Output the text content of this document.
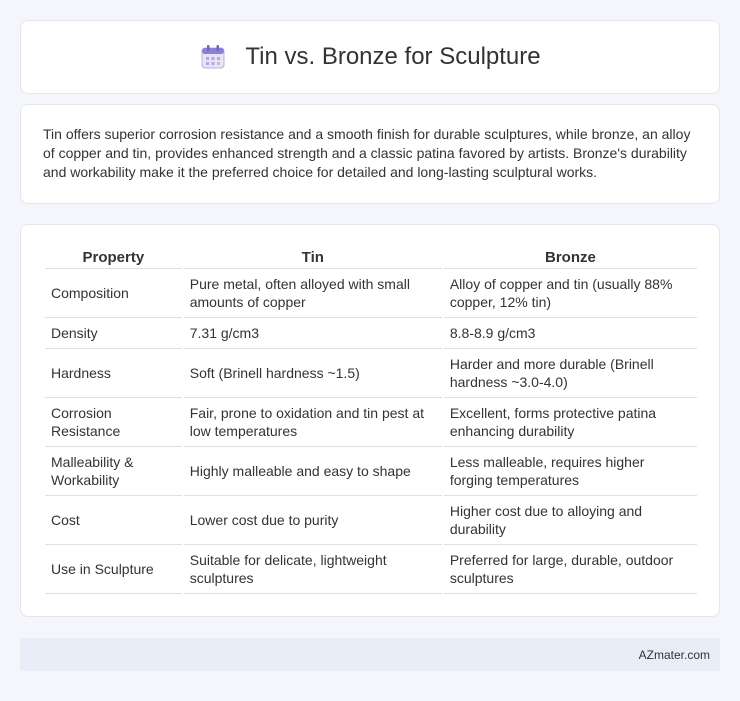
Tin vs. Bronze for Sculpture

Tin offers superior corrosion resistance and a smooth finish for durable sculptures, while bronze, an alloy of copper and tin, provides enhanced strength and a classic patina favored by artists. Bronze's durability and workability make it the preferred choice for detailed and long-lasting sculptural works.

Property	Tin	Bronze
Composition	Pure metal, often alloyed with small amounts of copper	Alloy of copper and tin (usually 88% copper, 12% tin)
Density	7.31 g/cm3	8.8-8.9 g/cm3
Hardness	Soft (Brinell hardness ~1.5)	Harder and more durable (Brinell hardness ~3.0-4.0)
Corrosion Resistance	Fair, prone to oxidation and tin pest at low temperatures	Excellent, forms protective patina enhancing durability
Malleability & Workability	Highly malleable and easy to shape	Less malleable, requires higher forging temperatures
Cost	Lower cost due to purity	Higher cost due to alloying and durability
Use in Sculpture	Suitable for delicate, lightweight sculptures	Preferred for large, durable, outdoor sculptures
AZmater.com
